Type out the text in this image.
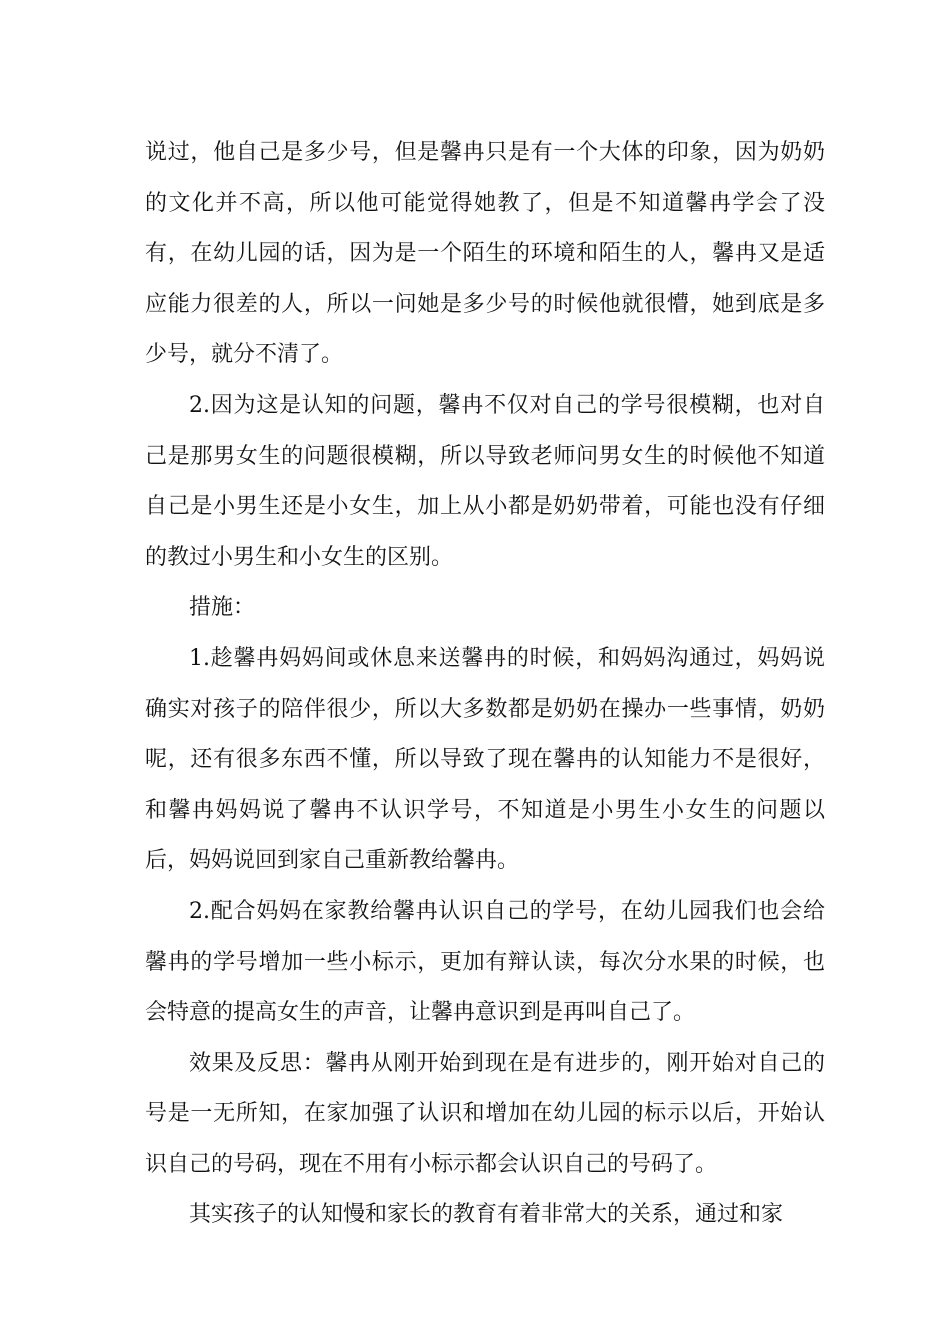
说过，他自己是多少号，但是馨冉只是有一个大体的印象，因为奶奶的文化并不高，所以他可能觉得她教了，但是不知道馨冉学会了没有，在幼儿园的话，因为是一个陌生的环境和陌生的人，馨冉又是适应能力很差的人，所以一问她是多少号的时候他就很懵，她到底是多少号，就分不清了。

2.因为这是认知的问题，馨冉不仅对自己的学号很模糊，也对自己是那男女生的问题很模糊，所以导致老师问男女生的时候他不知道自己是小男生还是小女生，加上从小都是奶奶带着，可能也没有仔细的教过小男生和小女生的区别。

措施：

1.趁馨冉妈妈间或休息来送馨冉的时候，和妈妈沟通过，妈妈说确实对孩子的陪伴很少，所以大多数都是奶奶在操办一些事情，奶奶呢，还有很多东西不懂，所以导致了现在馨冉的认知能力不是很好，和馨冉妈妈说了馨冉不认识学号，不知道是小男生小女生的问题以后，妈妈说回到家自己重新教给馨冉。

2.配合妈妈在家教给馨冉认识自己的学号，在幼儿园我们也会给馨冉的学号增加一些小标示，更加有辩认读，每次分水果的时候，也会特意的提高女生的声音，让馨冉意识到是再叫自己了。

效果及反思：馨冉从刚开始到现在是有进步的，刚开始对自己的号是一无所知，在家加强了认识和增加在幼儿园的标示以后，开始认识自己的号码，现在不用有小标示都会认识自己的号码了。

其实孩子的认知慢和家长的教育有着非常大的关系，通过和家
